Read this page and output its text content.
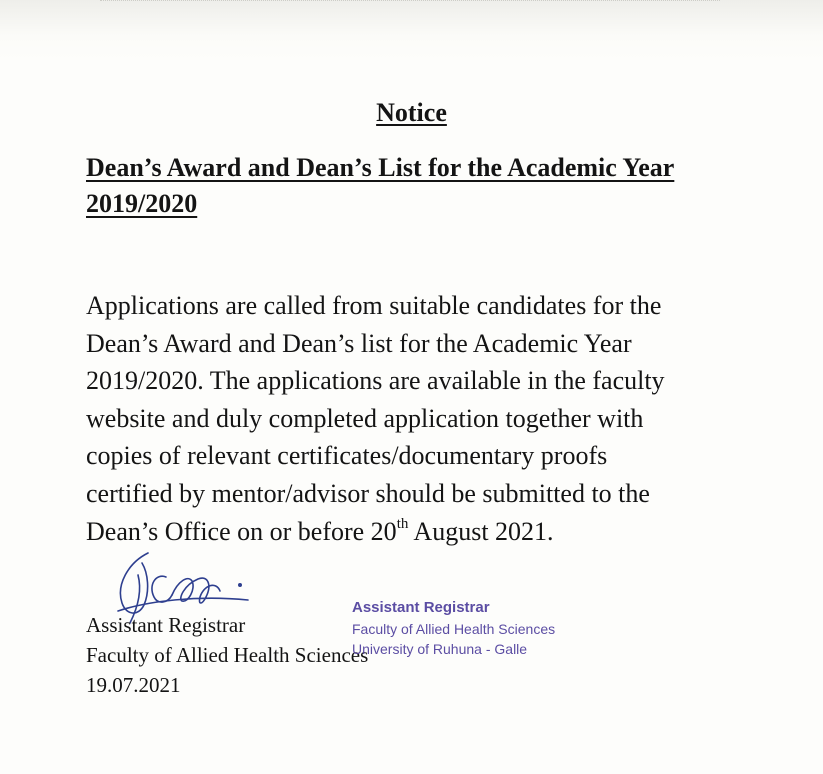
Notice
Dean’s Award and Dean’s List for the Academic Year
2019/2020
Applications are called from suitable candidates for the
Dean’s Award and Dean’s list for the Academic Year
2019/2020. The applications are available in the faculty
website and duly completed application together with
copies of relevant certificates/documentary proofs
certified by mentor/advisor should be submitted to the
Dean’s Office on or before 20th August 2021.
Assistant Registrar
Faculty of Allied Health Sciences
19.07.2021
Assistant Registrar
Faculty of Allied Health Sciences
University of Ruhuna - Galle
